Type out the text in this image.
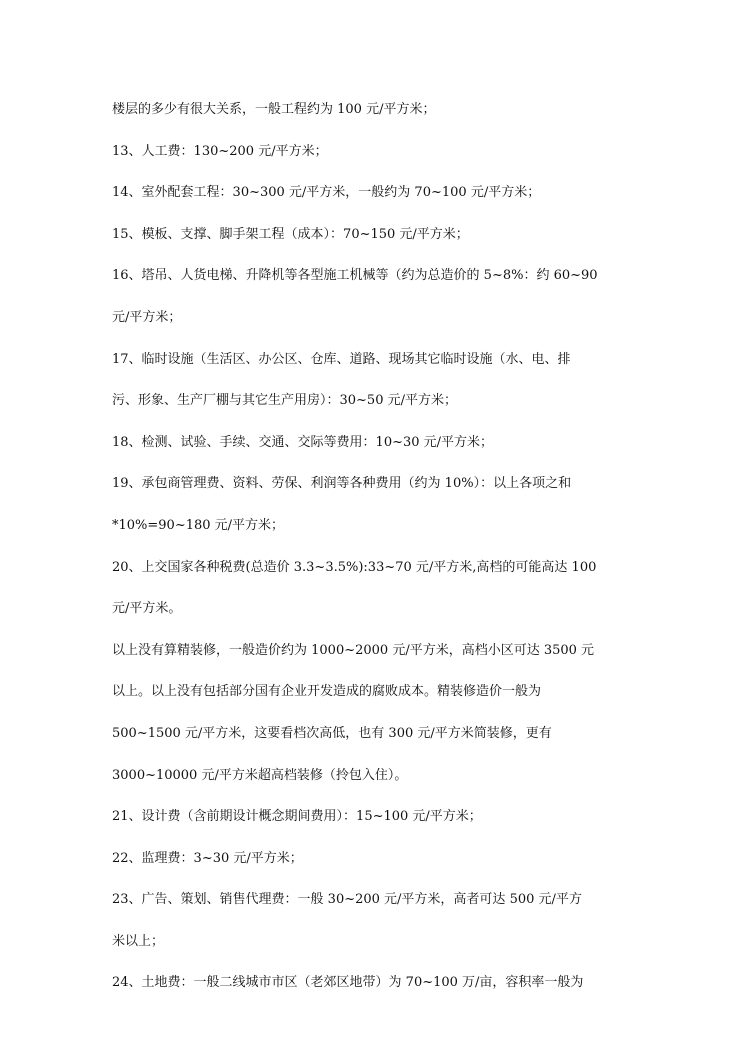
楼层的多少有很大关系，一般工程约为 100 元/平方米；
13、人工费：130~200 元/平方米；
14、室外配套工程：30~300 元/平方米，一般约为 70~100 元/平方米；
15、模板、支撑、脚手架工程（成本）：70~150 元/平方米；
16、塔吊、人货电梯、升降机等各型施工机械等（约为总造价的 5~8%：约 60~90
元/平方米；
17、临时设施（生活区、办公区、仓库、道路、现场其它临时设施（水、电、排
污、形象、生产厂棚与其它生产用房）：30~50 元/平方米；
18、检测、试验、手续、交通、交际等费用：10~30 元/平方米；
19、承包商管理费、资料、劳保、利润等各种费用（约为 10%）：以上各项之和
*10%=90~180 元/平方米；
20、上交国家各种税费(总造价 3.3~3.5%):33~70 元/平方米,高档的可能高达 100
元/平方米。
以上没有算精装修，一般造价约为 1000~2000 元/平方米，高档小区可达 3500 元
以上。以上没有包括部分国有企业开发造成的腐败成本。精装修造价一般为
500~1500 元/平方米，这要看档次高低，也有 300 元/平方米简装修，更有
3000~10000 元/平方米超高档装修（拎包入住）。
21、设计费（含前期设计概念期间费用）：15~100 元/平方米；
22、监理费：3~30 元/平方米；
23、广告、策划、销售代理费：一般 30~200 元/平方米，高者可达 500 元/平方
米以上；
24、土地费：一般二线城市市区（老郊区地带）为 70~100 万/亩，容积率一般为
